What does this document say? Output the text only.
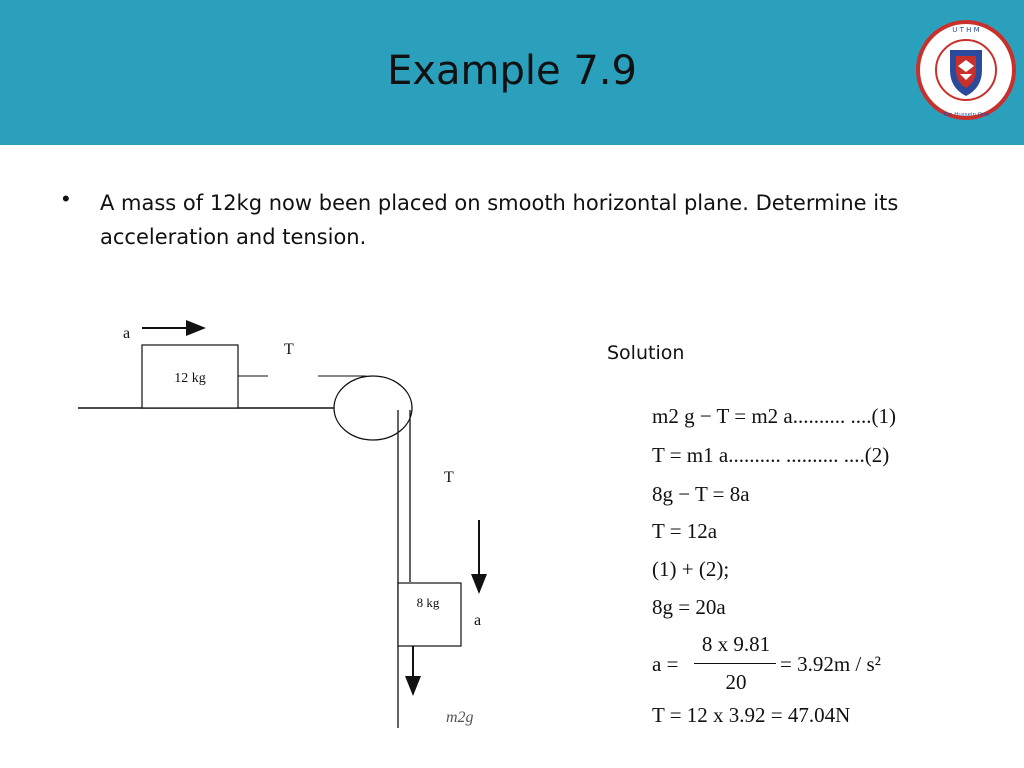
Example 7.9
U T H M
Tun Hussein Onn
• A mass of 12kg now been placed on smooth horizontal plane. Determine its acceleration and tension.
12 kg
a
T
T
a
8 kg
m2g
Solution
m2 g − T = m2 a.......... ....(1)
T = m1 a.......... .......... ....(2)
8g − T = 8a
T = 12a
(1) + (2);
8g = 20a
a =
8 x 9.81
20
= 3.92m / s²
T = 12 x 3.92 = 47.04N
